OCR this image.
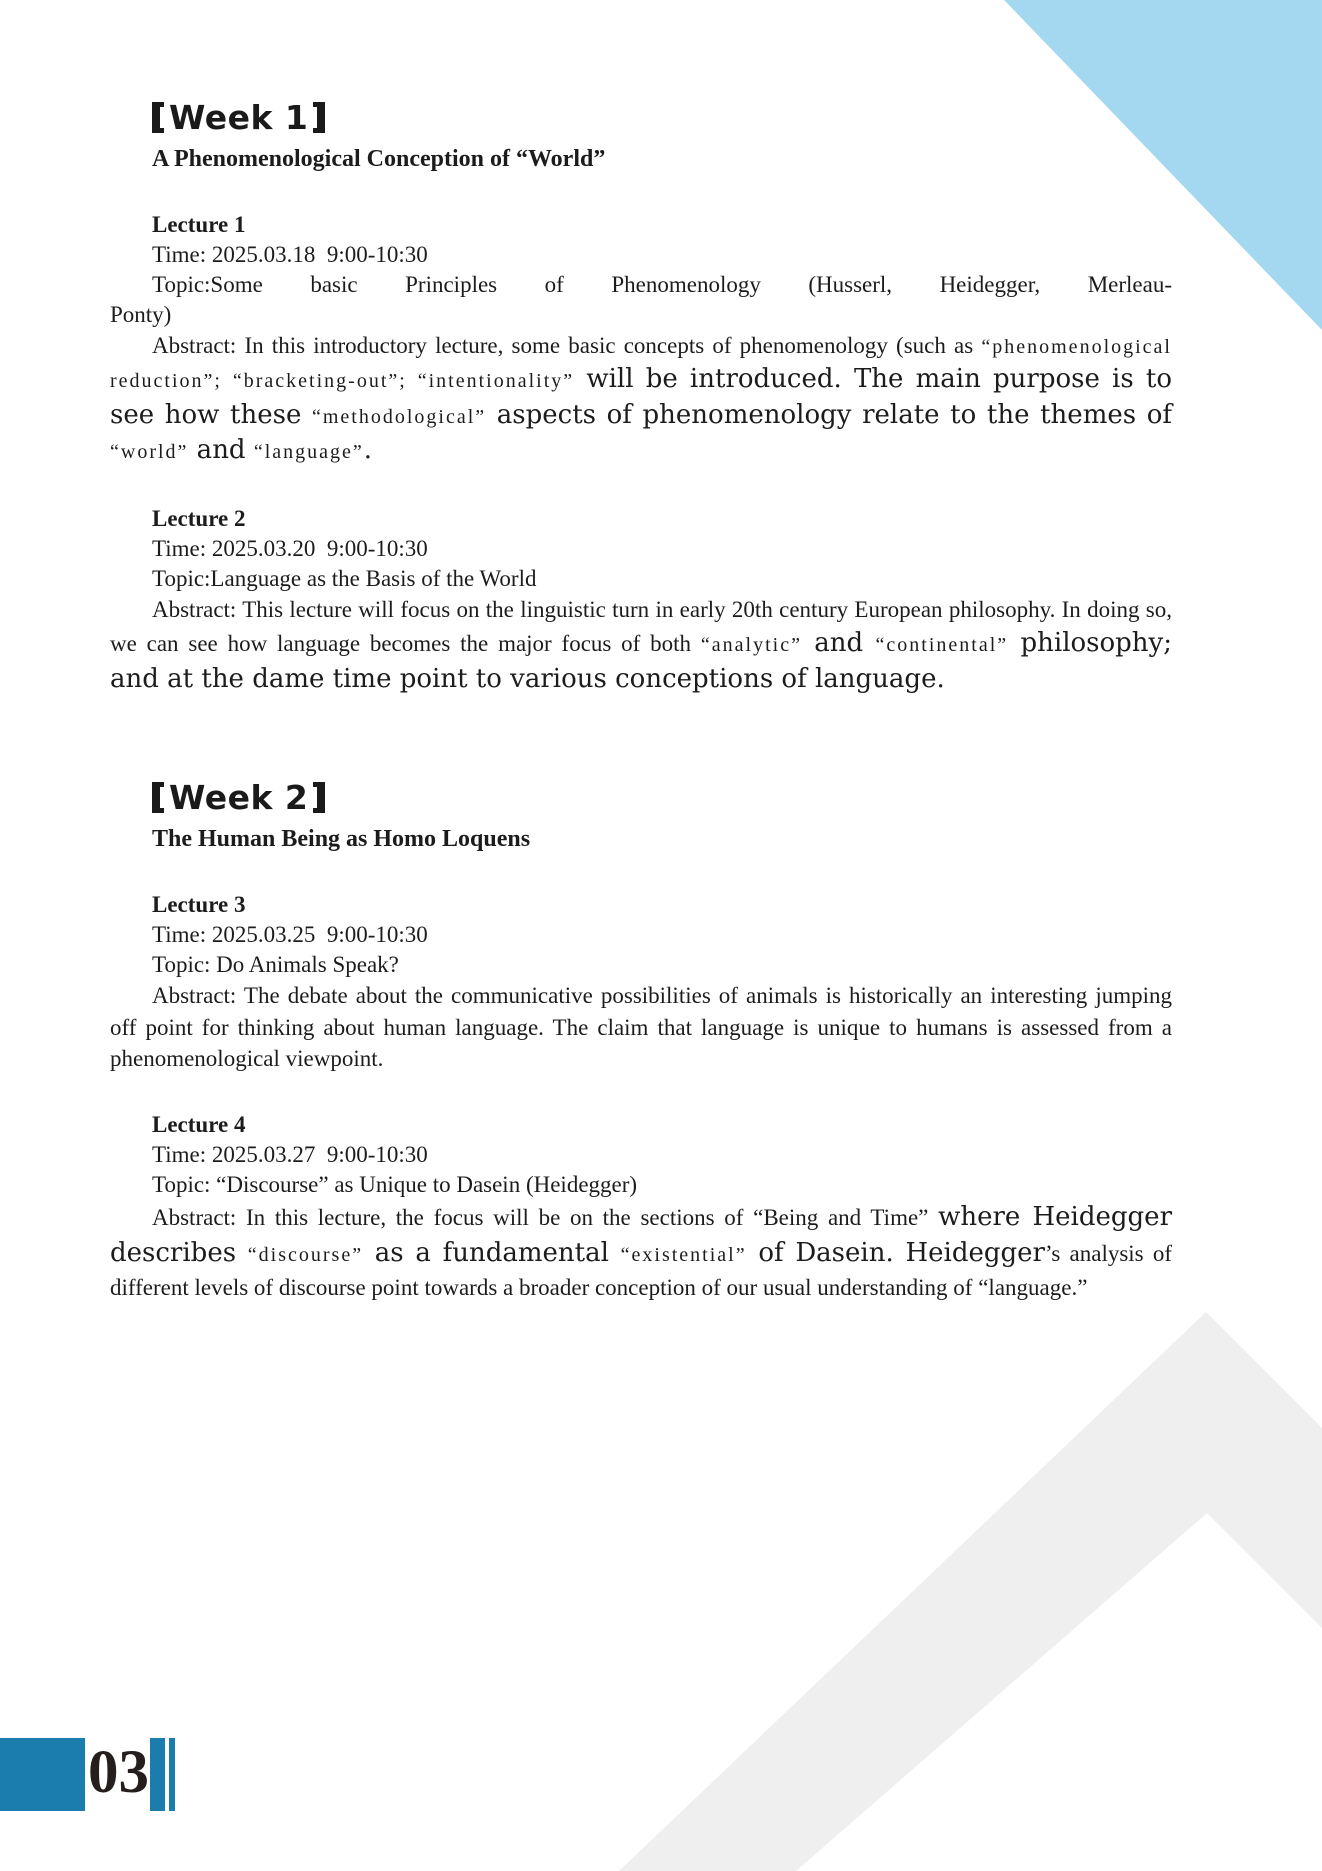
Week 1
A Phenomenological Conception of “World”
Lecture 1

Time: 2025.03.18  9:00-10:30

Topic:Some basic Principles of Phenomenology (Husserl, Heidegger, Merleau-
Ponty)

Abstract: In this introductory lecture, some basic concepts of phenomenology (such as “phenomenological reduction”; “bracketing-out”; “intentionality” will be introduced. The main purpose is to see how these “methodological” aspects of phenomenology relate to the themes of “world” and “language”.

Lecture 2

Time: 2025.03.20  9:00-10:30

Topic:Language as the Basis of the World

Abstract: This lecture will focus on the linguistic turn in early 20th century European philosophy. In doing so, we can see how language becomes the major focus of both “analytic” and “continental” philosophy; and at the dame time point to various conceptions of language.

Week 2
The Human Being as Homo Loquens
Lecture 3

Time: 2025.03.25  9:00-10:30

Topic: Do Animals Speak?

Abstract: The debate about the communicative possibilities of animals is historically an interesting jumping off point for thinking about human language. The claim that language is unique to humans is assessed from a phenomenological viewpoint.

Lecture 4

Time: 2025.03.27  9:00-10:30

Topic: “Discourse” as Unique to Dasein (Heidegger)

Abstract: In this lecture, the focus will be on the sections of “Being and Time” where Heidegger describes “discourse” as a fundamental “existential” of Dasein. Heidegger’s analysis of different levels of discourse point towards a broader conception of our usual understanding of “language.”

03
